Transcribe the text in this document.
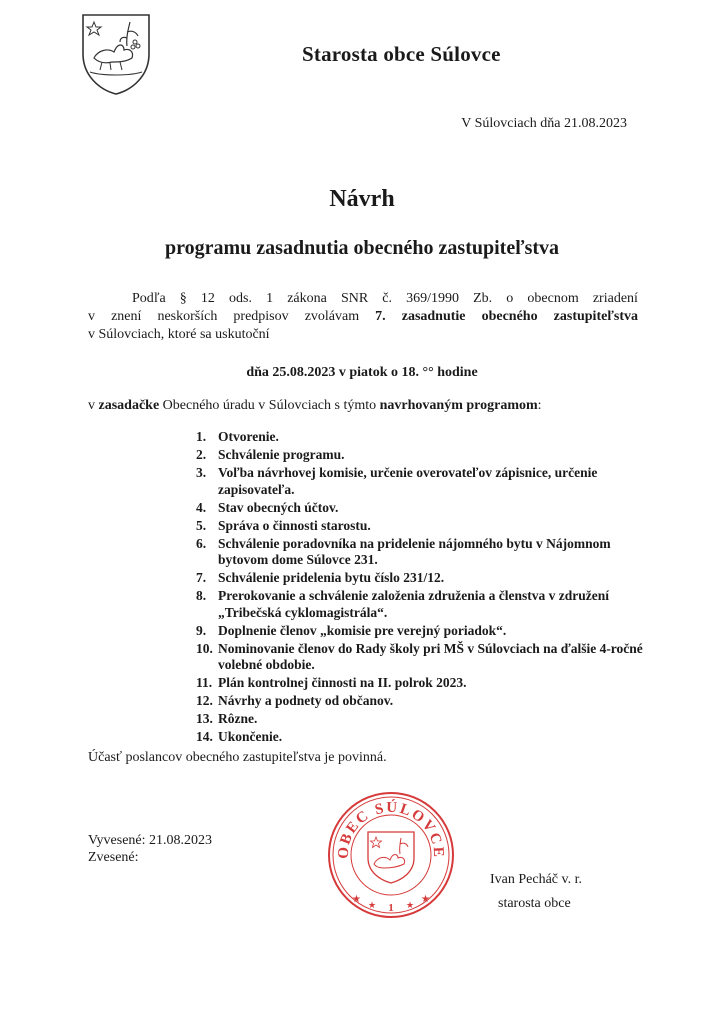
Starosta obce Súlovce
V Súlovciach dňa 21.08.2023
Návrh
programu zasadnutia obecného zastupiteľstva
Podľa § 12 ods. 1 zákona SNR č. 369/1990 Zb. o obecnom zriadení
v znení neskorších predpisov zvolávam 7. zasadnutie obecného zastupiteľstva
v Súlovciach, ktoré sa uskutoční
dňa 25.08.2023 v piatok o 18. °° hodine
v zasadačke Obecného úradu v Súlovciach s týmto navrhovaným programom:
1. Otvorenie.
2. Schválenie programu.
3. Voľba návrhovej komisie, určenie overovateľov zápisnice, určenie zapisovateľa.
4. Stav obecných účtov.
5. Správa o činnosti starostu.
6. Schválenie poradovníka na pridelenie nájomného bytu v Nájomnom bytovom dome Súlovce 231.
7. Schválenie pridelenia bytu číslo 231/12.
8. Prerokovanie a schválenie založenia združenia a členstva v združení „Tribečská cyklomagistrála“.
9. Doplnenie členov „komisie pre verejný poriadok“.
10. Nominovanie členov do Rady školy pri MŠ v Súlovciach na ďalšie 4-ročné volebné obdobie.
11. Plán kontrolnej činnosti na II. polrok 2023.
12. Návrhy a podnety od občanov.
13. Rôzne.
14. Ukončenie.
Účasť poslancov obecného zastupiteľstva je povinná.
Vyvesené: 21.08.2023
Zvesené:	OBEC SÚLOVCE
★	★
★	★
1
Ivan Pecháč v. r.
starosta obce
